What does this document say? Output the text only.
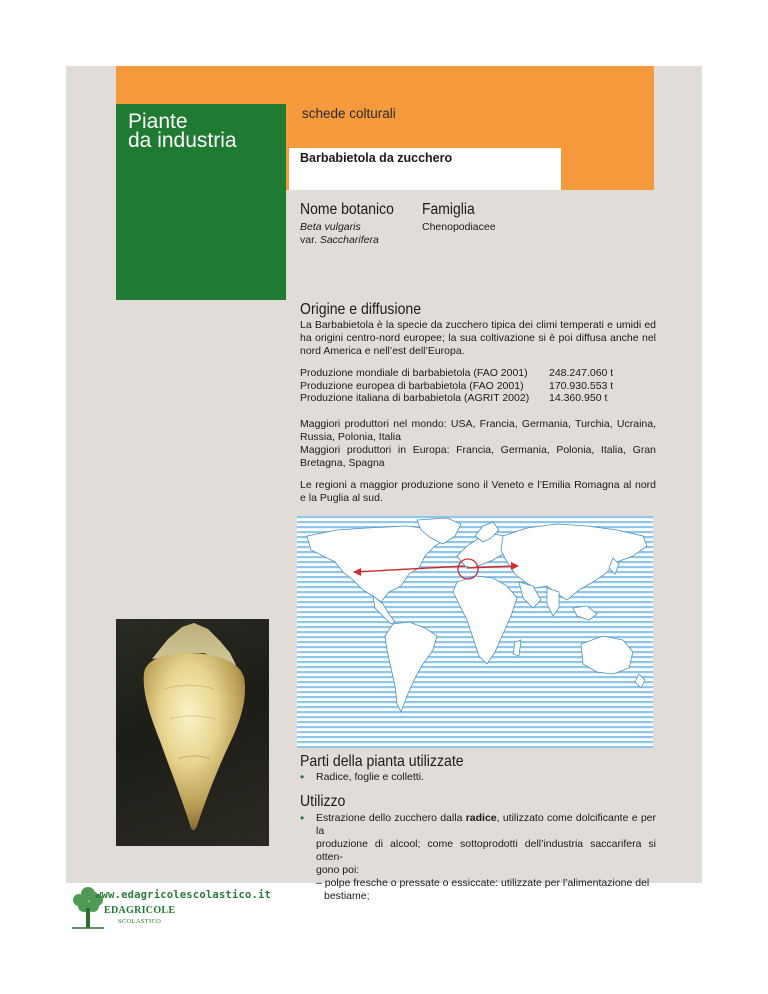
Piante
da industria
schede colturali
Barbabietola da zucchero
Nome botanico
Beta vulgaris
var. Saccharifera
Famiglia
Chenopodiacee
Origine e diffusione
La Barbabietola è la specie da zucchero tipica dei climi temperati e umidi ed ha origini centro-nord europee; la sua coltivazione si è poi diffusa anche nel nord America e nell’est dell’Europa.
Produzione mondiale di barbabietola (FAO 2001)	248.247.060 t
Produzione europea di barbabietola (FAO 2001)	170.930.553 t
Produzione italiana di barbabietola (AGRIT 2002)	14.360.950 t
Maggiori produttori nel mondo: USA, Francia, Germania, Turchia, Ucraina, Russia, Polonia, Italia
Maggiori produttori in Europa: Francia, Germania, Polonia, Italia, Gran Bretagna, Spagna
Le regioni a maggior produzione sono il Veneto e l’Emilia Romagna al nord e la Puglia al sud.
Parti della pianta utilizzate
• Radice, foglie e colletti.
Utilizzo
• Estrazione dello zucchero dalla radice, utilizzato come dolcificante e per la
produzione di alcool; come sottoprodotti dell’industria saccarifera si otten-
gono poi:
– polpe fresche o pressate o essiccate: utilizzate per l’alimentazione del
bestiame;
www.edagricolescolastico.it
EDAGRICOLE
SCOLASTICO
